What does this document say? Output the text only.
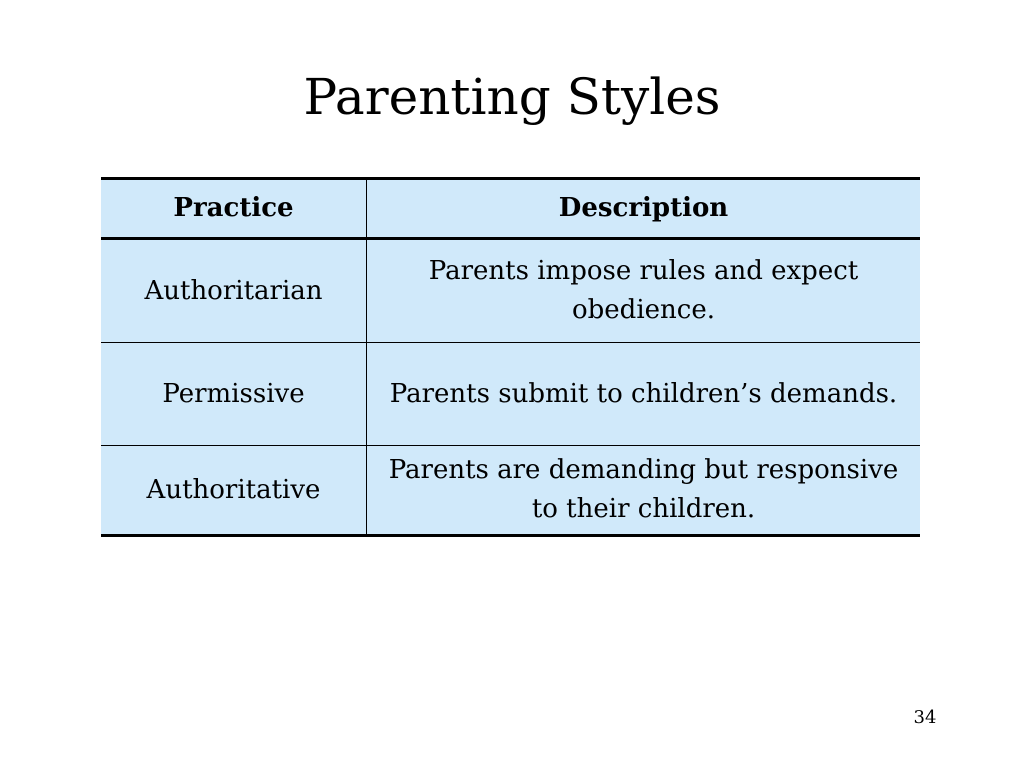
Parenting Styles
Practice	Description
Authoritarian	Parents impose rules and expect obedience.
Permissive	Parents submit to children’s demands.
Authoritative	Parents are demanding but responsive to their children.
34
